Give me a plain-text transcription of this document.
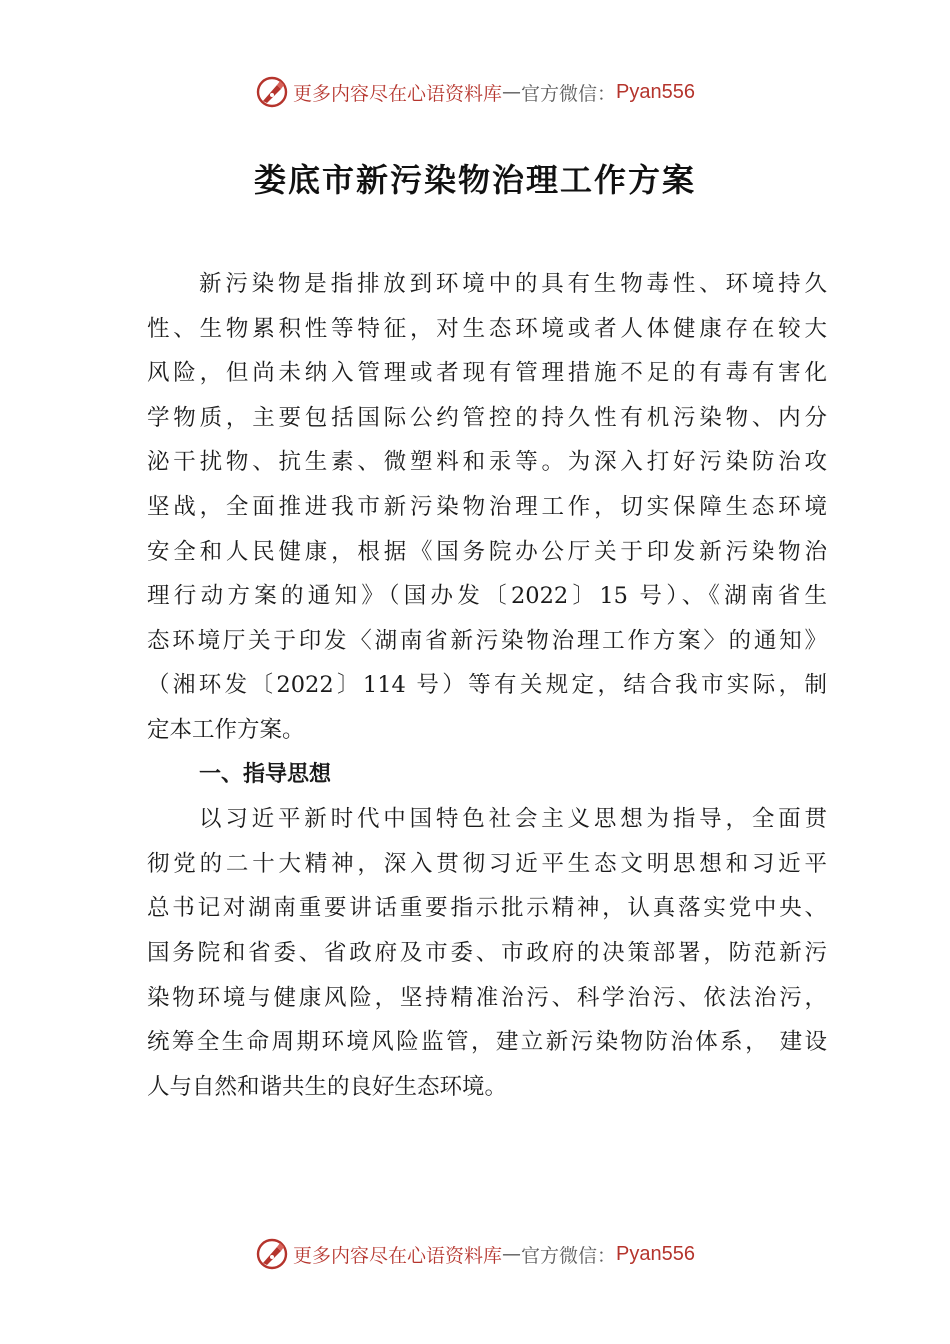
更多内容尽在心语资料库 — 官方微信： Pyan556
娄底市新污染物治理工作方案

新污染物是指排放到环境中的具有生物毒性、环境持久
性、生物累积性等特征，对生态环境或者人体健康存在较大
风险，但尚未纳入管理或者现有管理措施不足的有毒有害化
学物质，主要包括国际公约管控的持久性有机污染物、内分
泌干扰物、抗生素、微塑料和汞等。为深入打好污染防治攻
坚战，全面推进我市新污染物治理工作，切实保障生态环境
安全和人民健康，根据《国务院办公厅关于印发新污染物治
理行动方案的通知》（国办发〔2022〕15 号）、《湖南省生
态环境厅关于印发〈湖南省新污染物治理工作方案〉的通知》
（湘环发〔2022〕114 号）等有关规定，结合我市实际，制
定本工作方案。

一、指导思想

以习近平新时代中国特色社会主义思想为指导，全面贯
彻党的二十大精神，深入贯彻习近平生态文明思想和习近平
总书记对湖南重要讲话重要指示批示精神，认真落实党中央、
国务院和省委、省政府及市委、市政府的决策部署，防范新污
染物环境与健康风险，坚持精准治污、科学治污、依法治污，
统筹全生命周期环境风险监管，建立新污染物防治体系， 建设
人与自然和谐共生的良好生态环境。

更多内容尽在心语资料库 — 官方微信： Pyan556
